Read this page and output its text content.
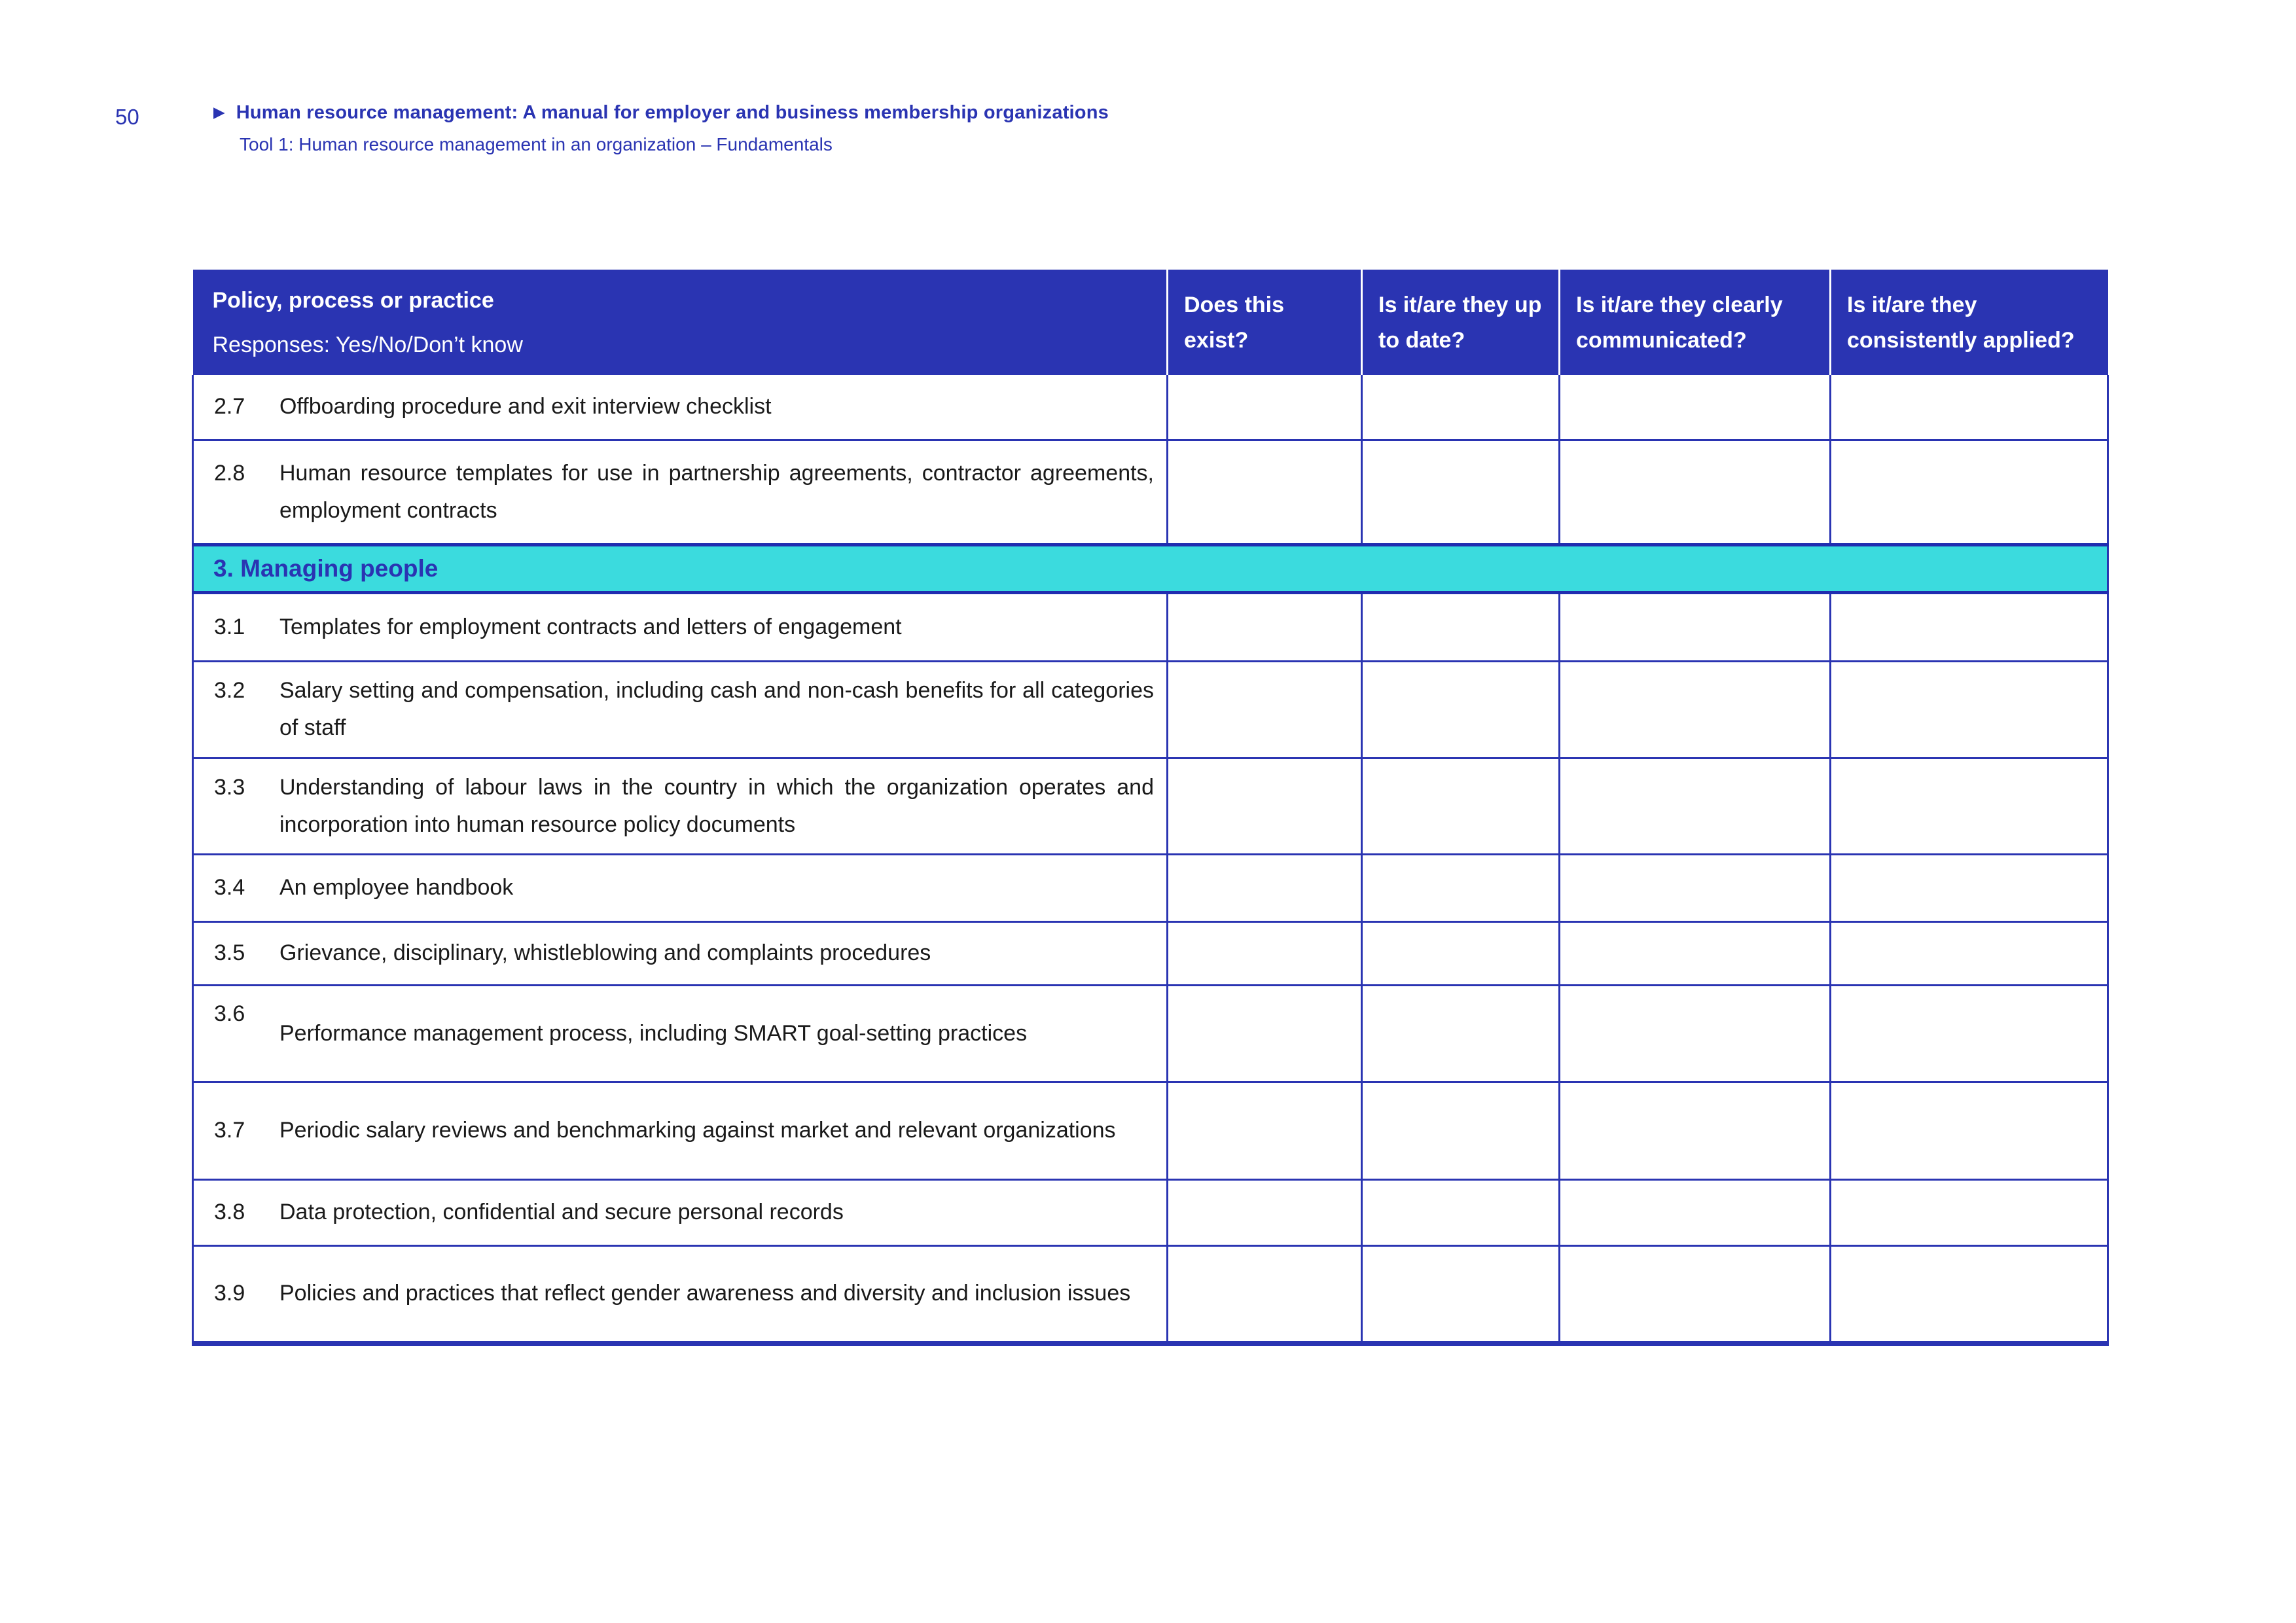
50	▶ Human resource management: A manual for employer and business membership organizations
Tool 1: Human resource management in an organization – Fundamentals
Policy, process or practice
Responses: Yes/No/Don’t know	Does this exist?	Is it/are they up to date?	Is it/are they clearly communicated?	Is it/are they consistently applied?

2.7 Offboarding procedure and exit interview checklist				

2.8 Human resource templates for use in partnership agreements, contractor agreements, employment contracts				

3. Managing people				

3.1 Templates for employment contracts and letters of engagement				

3.2 Salary setting and compensation, including cash and non-cash benefits for all categories of staff				

3.3 Understanding of labour laws in the country in which the organization operates and incorporation into human resource policy documents				

3.4 An employee handbook				

3.5 Grievance, disciplinary, whistleblowing and complaints procedures				

3.6
Performance management process, including SMART goal-setting practices				

3.7 Periodic salary reviews and benchmarking against market and relevant organizations				

3.8 Data protection, confidential and secure personal records				

3.9 Policies and practices that reflect gender awareness and diversity and inclusion issues				
